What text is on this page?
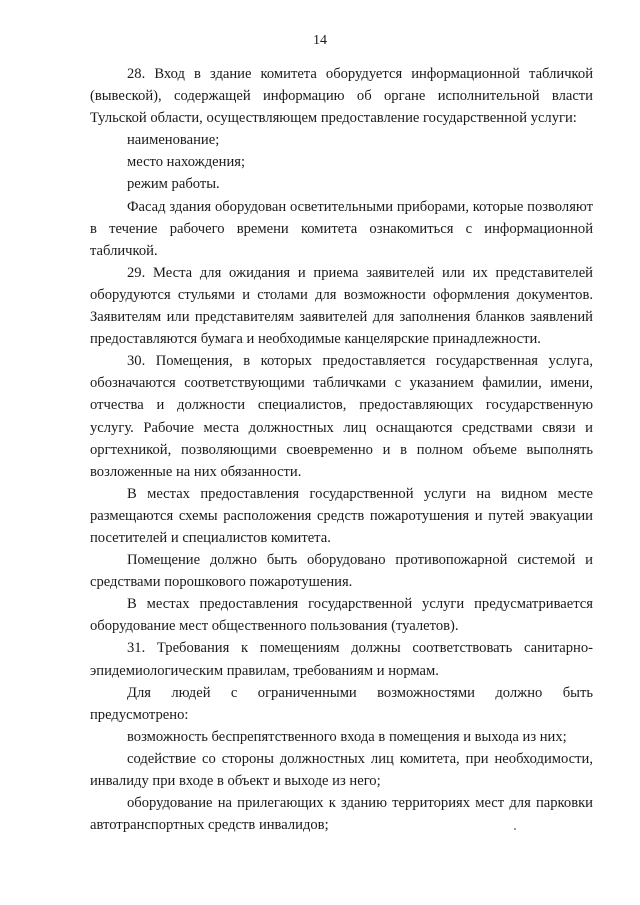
14

28. Вход в здание комитета оборудуется информационной табличкой (вывеской), содержащей информацию об органе исполнительной власти Тульской области, осуществляющем предоставление государственной услуги:

наименование;

место нахождения;

режим работы.

Фасад здания оборудован осветительными приборами, которые позволяют в течение рабочего времени комитета ознакомиться с информационной табличкой.

29. Места для ожидания и приема заявителей или их представителей оборудуются стульями и столами для возможности оформления документов. Заявителям или представителям заявителей для заполнения бланков заявлений предоставляются бумага и необходимые канцелярские принадлежности.

30. Помещения, в которых предоставляется государственная услуга, обозначаются соответствующими табличками с указанием фамилии, имени, отчества и должности специалистов, предоставляющих государственную услугу. Рабочие места должностных лиц оснащаются средствами связи и оргтехникой, позволяющими своевременно и в полном объеме выполнять возложенные на них обязанности.

В местах предоставления государственной услуги на видном месте размещаются схемы расположения средств пожаротушения и путей эвакуации посетителей и специалистов комитета.

Помещение должно быть оборудовано противопожарной системой и средствами порошкового пожаротушения.

В местах предоставления государственной услуги предусматривается оборудование мест общественного пользования (туалетов).

31. Требования к помещениям должны соответствовать санитарно-эпидемиологическим правилам, требованиям и нормам.

Для людей с ограниченными возможностями должно быть предусмотрено:

возможность беспрепятственного входа в помещения и выхода из них;

содействие со стороны должностных лиц комитета, при необходимости, инвалиду при входе в объект и выходе из него;

оборудование на прилегающих к зданию территориях мест для парковки автотранспортных средств инвалидов;
